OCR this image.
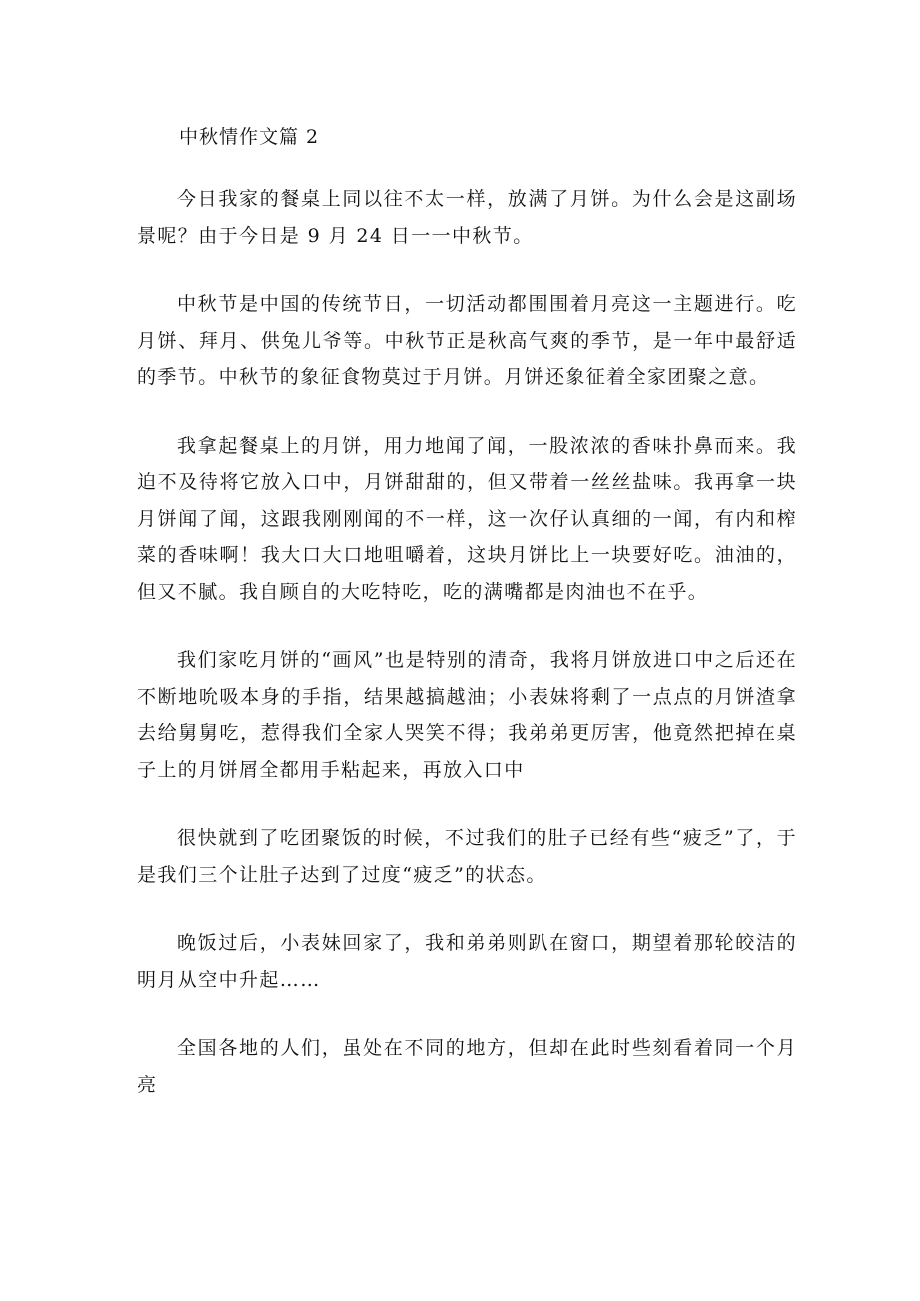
中秋情作文篇 2

今日我家的餐桌上同以往不太一样，放满了月饼。为什么会是这副场景呢？由于今日是 9 月 24 日一一中秋节。

中秋节是中国的传统节日，一切活动都围围着月亮这一主题进行。吃月饼、拜月、供兔儿爷等。中秋节正是秋高气爽的季节，是一年中最舒适的季节。中秋节的象征食物莫过于月饼。月饼还象征着全家团聚之意。

我拿起餐桌上的月饼，用力地闻了闻，一股浓浓的香味扑鼻而来。我迫不及待将它放入口中，月饼甜甜的，但又带着一丝丝盐味。我再拿一块月饼闻了闻，这跟我刚刚闻的不一样，这一次仔认真细的一闻，有内和榨菜的香味啊！我大口大口地咀嚼着，这块月饼比上一块要好吃。油油的，但又不腻。我自顾自的大吃特吃，吃的满嘴都是肉油也不在乎。

我们家吃月饼的“画风”也是特别的清奇，我将月饼放进口中之后还在不断地吮吸本身的手指，结果越搞越油；小表妹将剩了一点点的月饼渣拿去给舅舅吃，惹得我们全家人哭笑不得；我弟弟更厉害，他竟然把掉在桌子上的月饼屑全都用手粘起来，再放入口中

很快就到了吃团聚饭的时候，不过我们的肚子已经有些“疲乏”了，于是我们三个让肚子达到了过度“疲乏”的状态。

晚饭过后，小表妹回家了，我和弟弟则趴在窗口，期望着那轮皎洁的明月从空中升起……

全国各地的人们，虽处在不同的地方，但却在此时些刻看着同一个月亮
